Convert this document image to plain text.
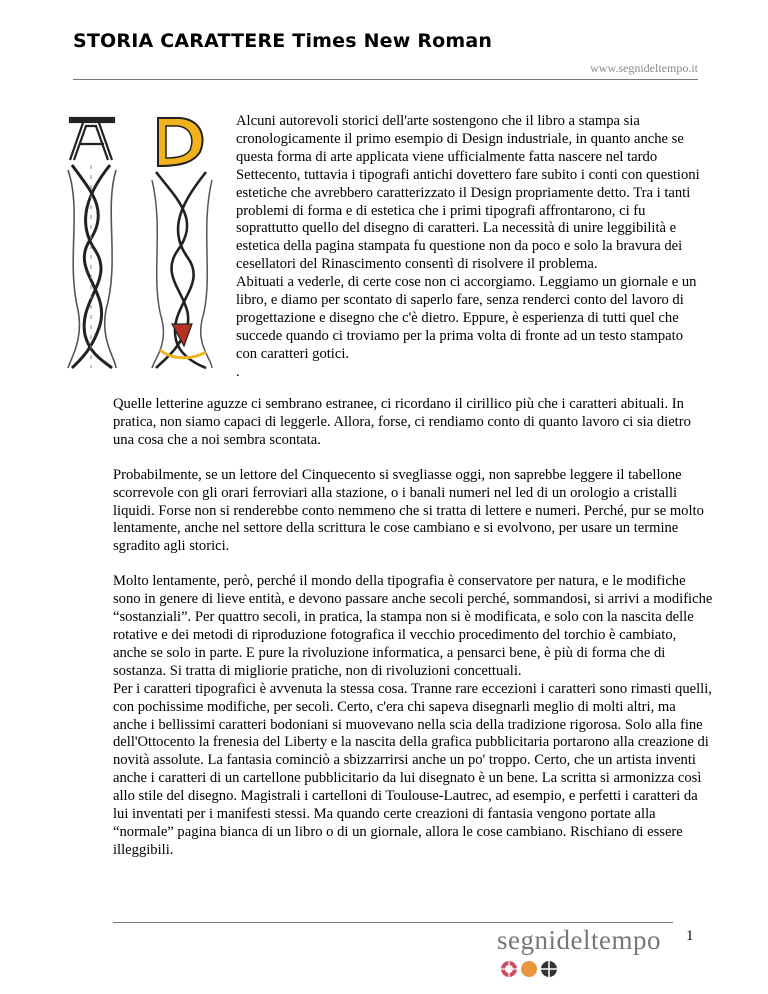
STORIA CARATTERE Times New Roman
www.segnideltempo.it

Alcuni autorevoli storici dell'arte sostengono che il libro a stampa sia cronologicamente il primo esempio di Design industriale, in quanto anche se questa forma di arte applicata viene ufficialmente fatta nascere nel tardo Settecento, tuttavia i tipografi antichi dovettero fare subito i conti con questioni estetiche che avrebbero caratterizzato il Design propriamente detto. Tra i tanti problemi di forma e di estetica che i primi tipografi affrontarono, ci fu soprattutto quello del disegno di caratteri. La necessità di unire leggibilità e estetica della pagina stampata fu questione non da poco e solo la bravura dei cesellatori del Rinascimento consentì di risolvere il problema.

Abituati a vederle, di certe cose non ci accorgiamo. Leggiamo un giornale e un libro, e diamo per scontato di saperlo fare, senza renderci conto del lavoro di progettazione e disegno che c'è dietro. Eppure, è esperienza di tutti quel che succede quando ci troviamo per la prima volta di fronte ad un testo stampato con caratteri gotici.

.

Quelle letterine aguzze ci sembrano estranee, ci ricordano il cirillico più che i caratteri abituali. In pratica, non siamo capaci di leggerle. Allora, forse, ci rendiamo conto di quanto lavoro ci sia dietro una cosa che a noi sembra scontata.

Probabilmente, se un lettore del Cinquecento si svegliasse oggi, non saprebbe leggere il tabellone scorrevole con gli orari ferroviari alla stazione, o i banali numeri nel led di un orologio a cristalli liquidi. Forse non si renderebbe conto nemmeno che si tratta di lettere e numeri. Perché, pur se molto lentamente, anche nel settore della scrittura le cose cambiano e si evolvono, per usare un termine sgradito agli storici.

Molto lentamente, però, perché il mondo della tipografia è conservatore per natura, e le modifiche sono in genere di lieve entità, e devono passare anche secoli perché, sommandosi, si arrivi a modifiche “sostanziali”. Per quattro secoli, in pratica, la stampa non si è modificata, e solo con la nascita delle rotative e dei metodi di riproduzione fotografica il vecchio procedimento del torchio è cambiato, anche se solo in parte. E pure la rivoluzione informatica, a pensarci bene, è più di forma che di sostanza. Si tratta di migliorie pratiche, non di rivoluzioni concettuali.

Per i caratteri tipografici è avvenuta la stessa cosa. Tranne rare eccezioni i caratteri sono rimasti quelli, con pochissime modifiche, per secoli. Certo, c'era chi sapeva disegnarli meglio di molti altri, ma anche i bellissimi caratteri bodoniani si muovevano nella scia della tradizione rigorosa. Solo alla fine dell'Ottocento la frenesia del Liberty e la nascita della grafica pubblicitaria portarono alla creazione di novità assolute. La fantasia cominciò a sbizzarrirsi anche un po' troppo. Certo, che un artista inventi anche i caratteri di un cartellone pubblicitario da lui disegnato è un bene. La scritta si armonizza così allo stile del disegno. Magistrali i cartelloni di Toulouse-Lautrec, ad esempio, e perfetti i caratteri da lui inventati per i manifesti stessi. Ma quando certe creazioni di fantasia vengono portate alla “normale” pagina bianca di un libro o di un giornale, allora le cose cambiano. Rischiano di essere illeggibili.

1
segnideltempo
